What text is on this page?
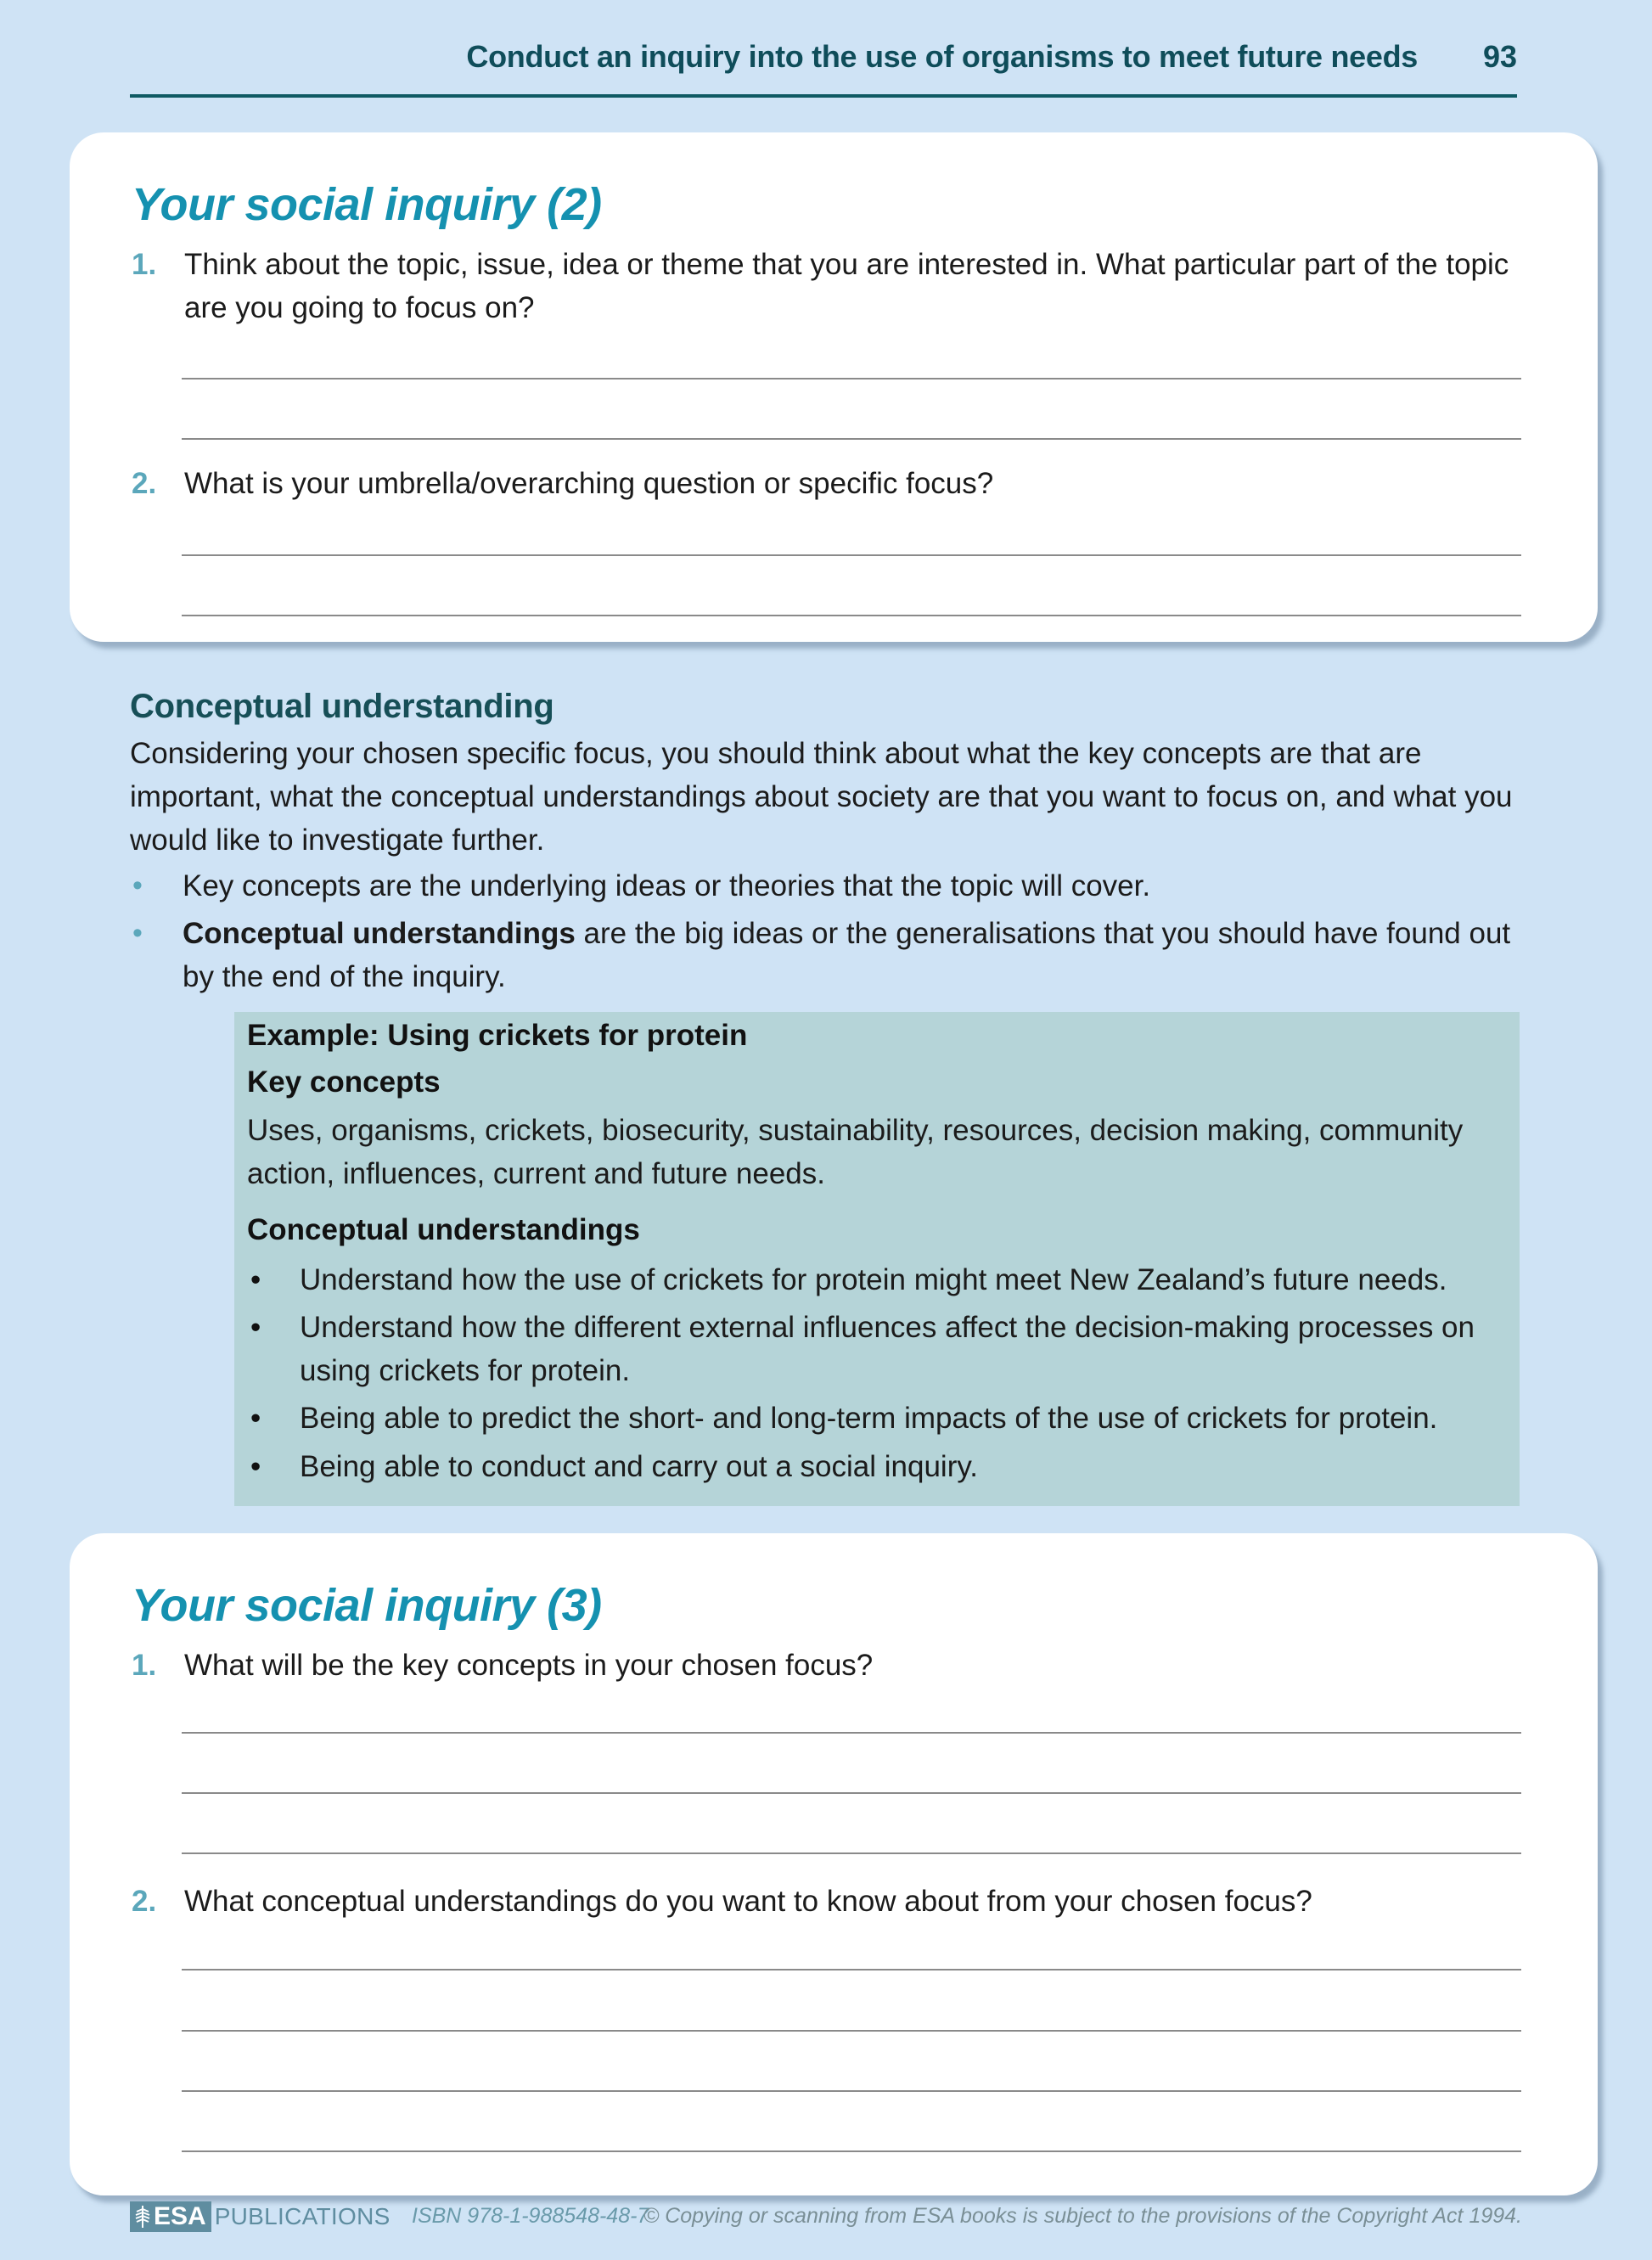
Conduct an inquiry into the use of organisms to meet future needs 93
Your social inquiry (2)
1. Think about the topic, issue, idea or theme that you are interested in. What particular part of the topic are you going to focus on?
2. What is your umbrella/overarching question or specific focus?
Conceptual understanding
Considering your chosen specific focus, you should think about what the key concepts are that are important, what the conceptual understandings about society are that you want to focus on, and what you would like to investigate further.
•	Key concepts are the underlying ideas or theories that the topic will cover.
•	Conceptual understandings are the big ideas or the generalisations that you should have found out by the end of the inquiry.
Example: Using crickets for protein
Key concepts
Uses, organisms, crickets, biosecurity, sustainability, resources, decision making, community action, influences, current and future needs.
Conceptual understandings
•	Understand how the use of crickets for protein might meet New Zealand’s future needs.
•	Understand how the different external influences affect the decision-making processes on using crickets for protein.
•	Being able to predict the short- and long-term impacts of the use of crickets for protein.
•	Being able to conduct and carry out a social inquiry.
Your social inquiry (3)
1. What will be the key concepts in your chosen focus?
2. What conceptual understandings do you want to know about from your chosen focus?
ESA PUBLICATIONS ISBN 978-1-988548-48-7
© Copying or scanning from ESA books is subject to the provisions of the Copyright Act 1994.
